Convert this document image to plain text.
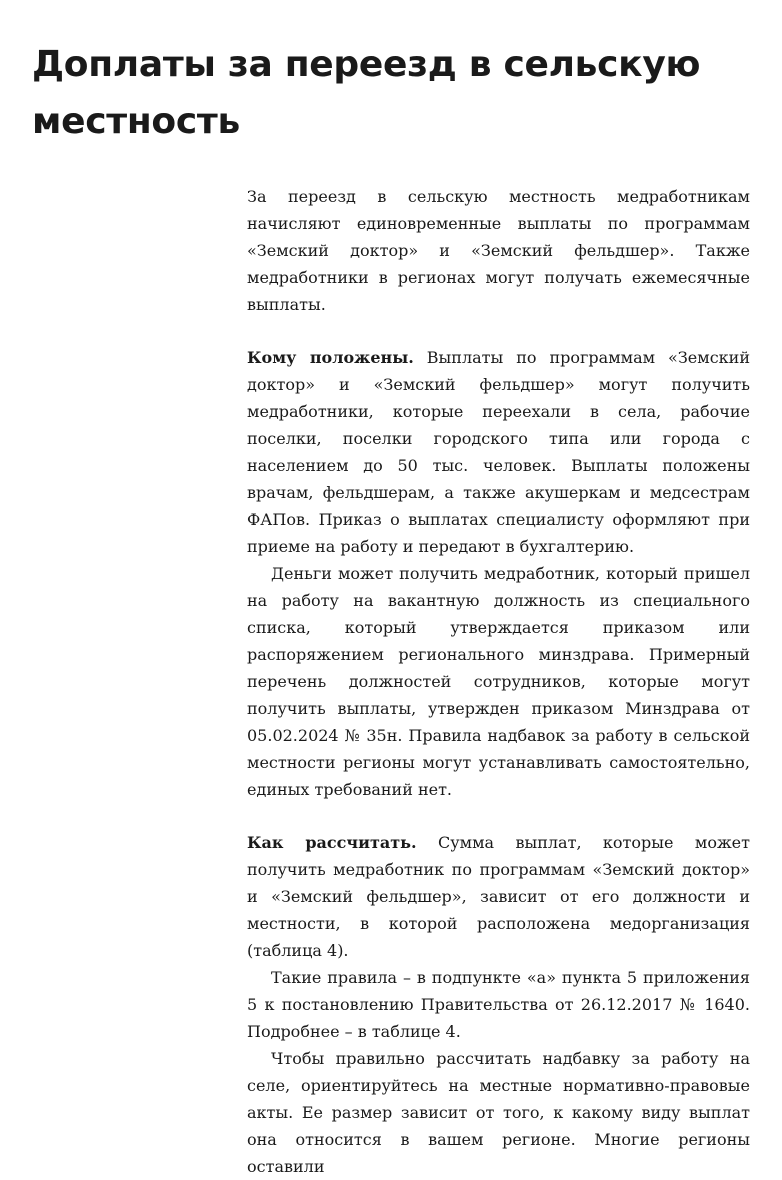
Доплаты за переезд в сельскую местность

За переезд в сельскую местность медработникам начисляют единовременные выплаты по программам «Земский доктор» и «Земский фельдшер». Также медработники в регионах могут получать ежемесячные выплаты.

Кому положены. Выплаты по программам «Земский доктор» и «Земский фельдшер» могут получить медработники, которые переехали в села, рабочие поселки, поселки городского типа или города с населением до 50 тыс. человек. Выплаты положены врачам, фельдшерам, а также акушеркам и медсестрам ФАПов. Приказ о выплатах специалисту оформляют при приеме на работу и передают в бухгалтерию.

Деньги может получить медработник, который пришел на работу на вакантную должность из специального списка, который утверждается приказом или распоряжением регионального минздрава. Примерный перечень должностей сотрудников, которые могут получить выплаты, утвержден приказом Минздрава от 05.02.2024 № 35н. Правила надбавок за работу в сельской местности регионы могут устанавливать самостоятельно, единых требований нет.

Как рассчитать. Сумма выплат, которые может получить медработник по программам «Земский доктор» и «Земский фельдшер», зависит от его должности и местности, в которой расположена медорганизация (таблица 4).

Такие правила – в подпункте «а» пункта 5 приложения 5 к постановлению Правительства от 26.12.2017 № 1640. Подробнее – в таблице 4.

Чтобы правильно рассчитать надбавку за работу на селе, ориентируйтесь на местные нормативно-правовые акты. Ее размер зависит от того, к какому виду выплат она относится в вашем регионе. Многие регионы оставили
